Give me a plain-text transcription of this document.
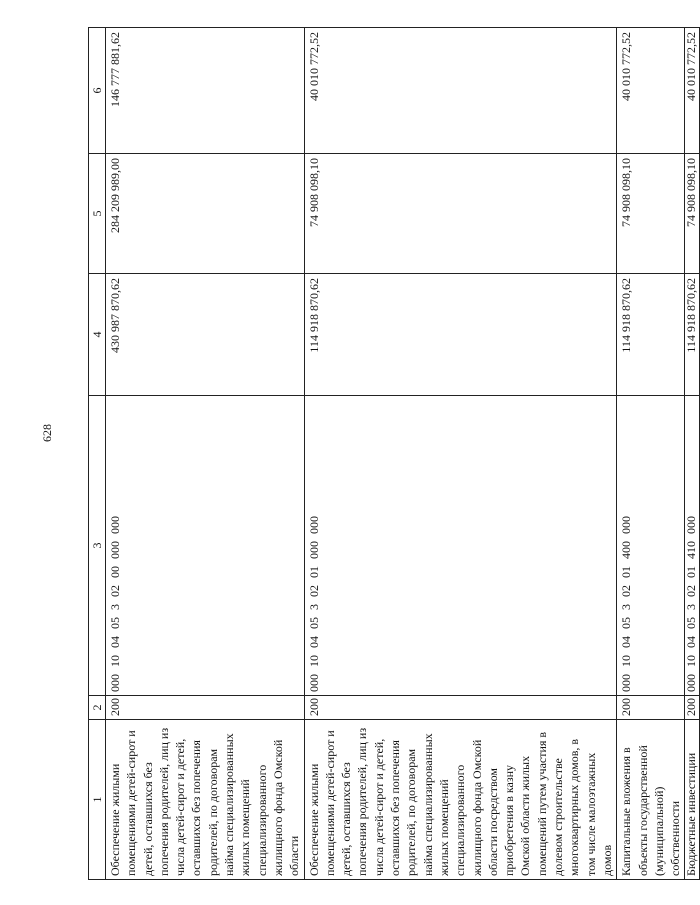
628
1	2	3	4	5	6
Обеспечение жилыми помещениями детей-сирот и детей, оставшихся без попечения родителей, лиц из числа детей-сирот и детей, оставшихся без попечения родителей, по договорам найма специализированных жилых помещений специализированного жилищного фонда Омской области	200	000 10 04 05 3 02 00 000 000	430 987 870,62	284 209 989,00	146 777 881,62
Обеспечение жилыми помещениями детей-сирот и детей, оставшихся без попечения родителей, лиц из числа детей-сирот и детей, оставшихся без попечения родителей, по договорам найма специализированных жилых помещений специализированного жилищного фонда Омской области посредством приобретения в казну Омской области жилых помещений путем участия в долевом строительстве многоквартирных домов, в том числе малоэтажных домов	200	000 10 04 05 3 02 01 000 000	114 918 870,62	74 908 098,10	40 010 772,52
Капитальные вложения в объекты государственной (муниципальной) собственности	200	000 10 04 05 3 02 01 400 000	114 918 870,62	74 908 098,10	40 010 772,52
Бюджетные инвестиции	200	000 10 04 05 3 02 01 410 000	114 918 870,62	74 908 098,10	40 010 772,52
